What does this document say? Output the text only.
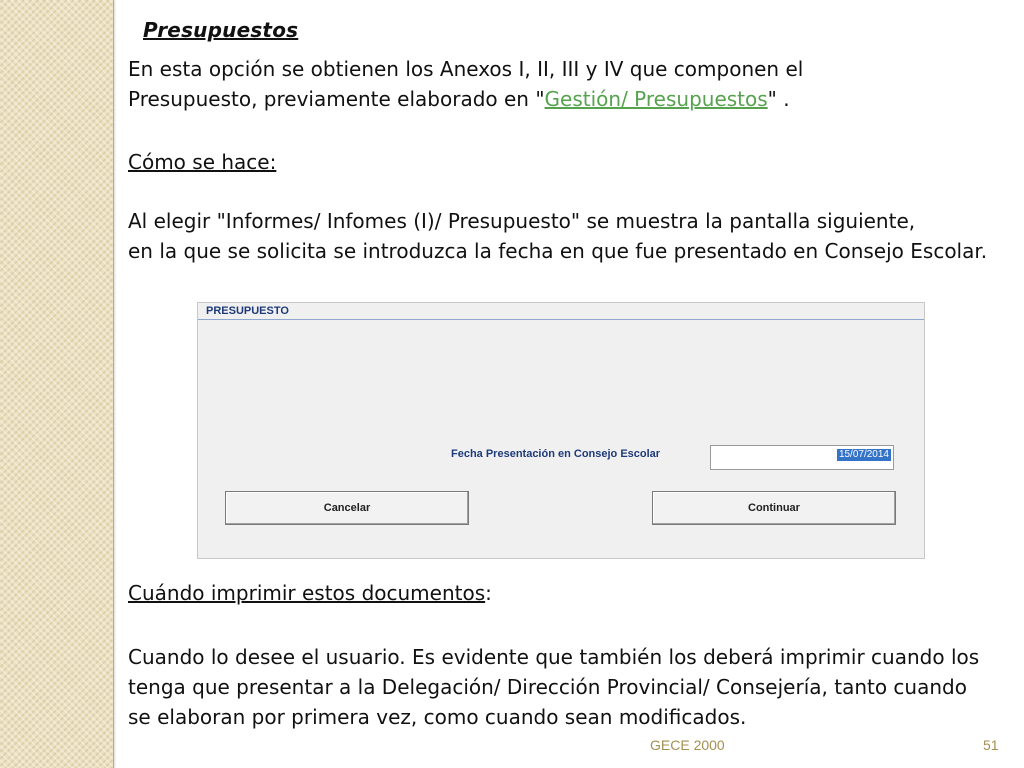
Presupuestos

En esta opción se obtienen los Anexos I, II, III y IV que componen el
Presupuesto, previamente elaborado en "Gestión/ Presupuestos" .

Cómo se hace:

Al elegir "Informes/ Infomes (I)/ Presupuesto" se muestra la pantalla siguiente,
en la que se solicita se introduzca la fecha en que fue presentado en Consejo Escolar.

PRESUPUESTO
Fecha Presentación en Consejo Escolar	15/07/2014
Cancelar	Continuar

Cuándo imprimir estos documentos:

Cuando lo desee el usuario. Es evidente que también los deberá imprimir cuando los
tenga que presentar a la Delegación/ Dirección Provincial/ Consejería, tanto cuando
se elaboran por primera vez, como cuando sean modificados.

GECE 2000	51
